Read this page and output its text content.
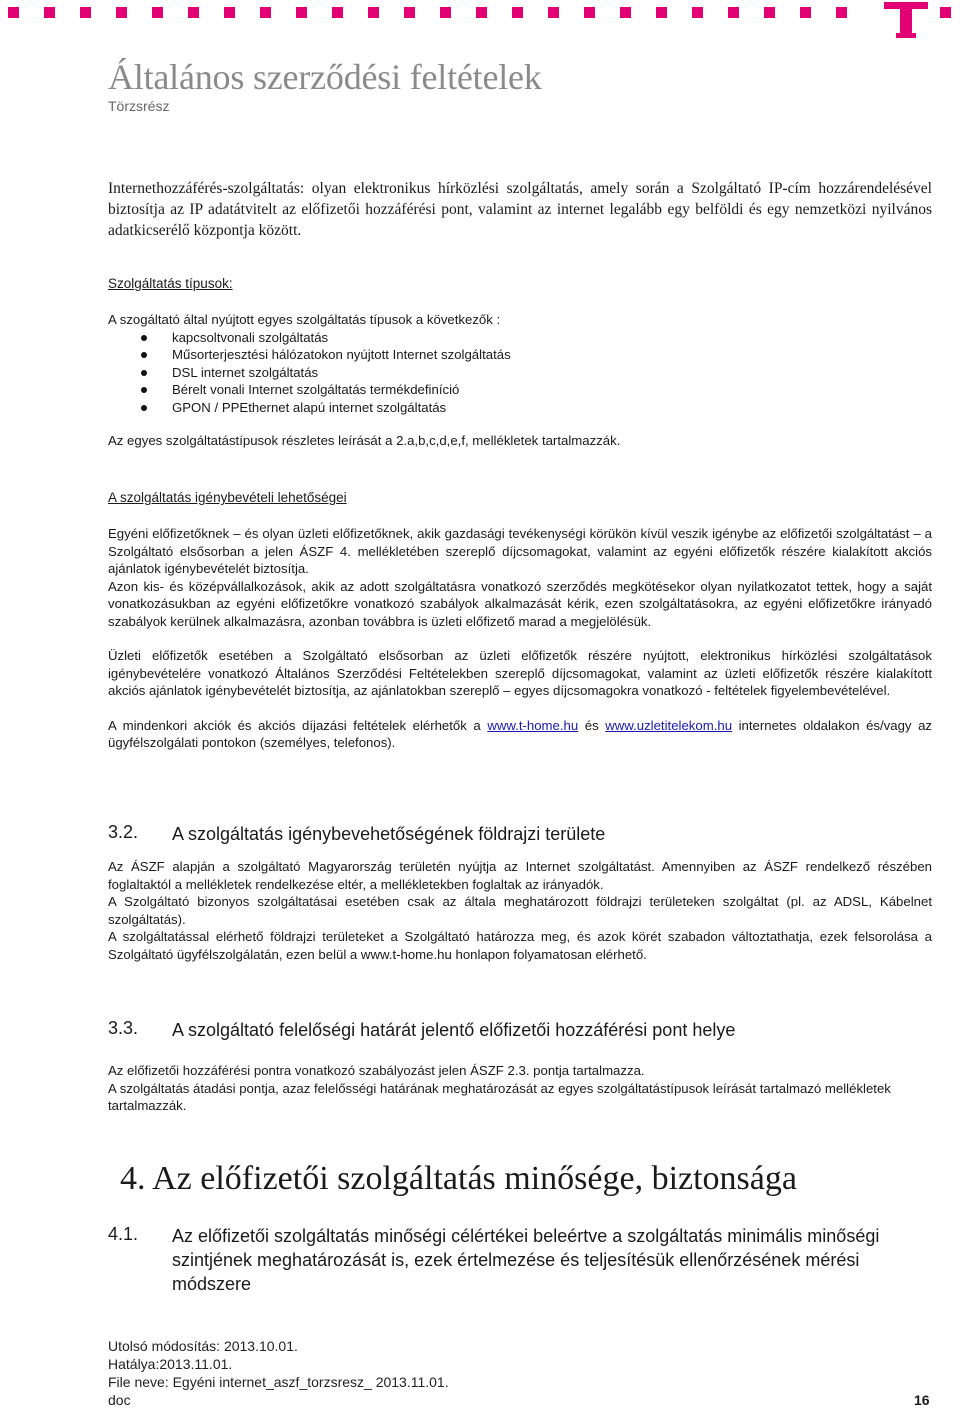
Általános szerződési feltételek
Törzsrész

Internethozzáférés-szolgáltatás: olyan elektronikus hírközlési szolgáltatás, amely során a Szolgáltató IP-cím hozzárendelésével biztosítja az IP adatátvitelt az előfizetői hozzáférési pont, valamint az internet legalább egy belföldi és egy nemzetközi nyilvános adatkicserélő központja között.

Szolgáltatás típusok:

A szogáltató által nyújtott egyes szolgáltatás típusok a következők :

kapcsoltvonali szolgáltatás
Műsorterjesztési hálózatokon nyújtott Internet szolgáltatás
DSL internet szolgáltatás
Bérelt vonali Internet szolgáltatás termékdefiníció
GPON / PPEthernet alapú internet szolgáltatás

Az egyes szolgáltatástípusok részletes leírását a 2.a,b,c,d,e,f, mellékletek tartalmazzák.

A szolgáltatás igénybevételi lehetőségei

Egyéni előfizetőknek – és olyan üzleti előfizetőknek, akik gazdasági tevékenységi körükön kívül veszik igénybe az előfizetői szolgáltatást – a Szolgáltató elsősorban a jelen ÁSZF 4. mellékletében szereplő díjcsomagokat, valamint az egyéni előfizetők részére kialakított akciós ajánlatok igénybevételét biztosítja.

Azon kis- és középvállalkozások, akik az adott szolgáltatásra vonatkozó szerződés megkötésekor olyan nyilatkozatot tettek, hogy a saját vonatkozásukban az egyéni előfizetőkre vonatkozó szabályok alkalmazását kérik, ezen szolgáltatásokra, az egyéni előfizetőkre irányadó szabályok kerülnek alkalmazásra, azonban továbbra is üzleti előfizető marad a megjelölésük.

Üzleti előfizetők esetében a Szolgáltató elsősorban az üzleti előfizetők részére nyújtott, elektronikus hírközlési szolgáltatások igénybevételére vonatkozó Általános Szerződési Feltételekben szereplő díjcsomagokat, valamint az üzleti előfizetők részére kialakított akciós ajánlatok igénybevételét biztosítja, az ajánlatokban szereplő – egyes díjcsomagokra vonatkozó - feltételek figyelembevételével.

A mindenkori akciók és akciós díjazási feltételek elérhetők a www.t-home.hu és www.uzletitelekom.hu internetes oldalakon és/vagy az ügyfélszolgálati pontokon (személyes, telefonos).

3.2.	A szolgáltatás igénybevehetőségének földrajzi területe

Az ÁSZF alapján a szolgáltató Magyarország területén nyújtja az Internet szolgáltatást. Amennyiben az ÁSZF rendelkező részében foglaltaktól a mellékletek rendelkezése eltér, a mellékletekben foglaltak az irányadók.

A Szolgáltató bizonyos szolgáltatásai esetében csak az általa meghatározott földrajzi területeken szolgáltat (pl. az ADSL, Kábelnet szolgáltatás).

A szolgáltatással elérhető földrajzi területeket a Szolgáltató határozza meg, és azok körét szabadon változtathatja, ezek felsorolása a Szolgáltató ügyfélszolgálatán, ezen belül a www.t-home.hu honlapon folyamatosan elérhető.

3.3.	A szolgáltató felelőségi határát jelentő előfizetői hozzáférési pont helye

Az előfizetői hozzáférési pontra vonatkozó szabályozást jelen ÁSZF 2.3. pontja tartalmazza.

A szolgáltatás átadási pontja, azaz felelősségi határának meghatározását az egyes szolgáltatástípusok leírását tartalmazó mellékletek tartalmazzák.

4. Az előfizetői szolgáltatás minősége, biztonsága
4.1.	Az előfizetői szolgáltatás minőségi célértékei beleértve a szolgáltatás minimális minőségi szintjének meghatározását is, ezek értelmezése és teljesítésük ellenőrzésének mérési módszere
Utolsó módosítás: 2013.10.01.
Hatálya:2013.11.01.
File neve: Egyéni internet_aszf_torzsresz_ 2013.11.01.
doc	16
